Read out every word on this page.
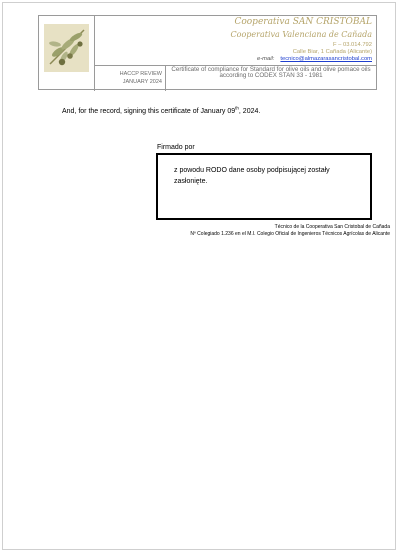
Cooperativa SAN CRISTÓBAL
Cooperativa Valenciana de Cañada
F – 03.014.792
Calle Biar, 1 Cañada (Alicante)
e-mail: tecnico@almazarasancristobal.com
HACCP REVIEW
JANUARY 2024
Certificate of compliance for Standard for olive oils and olive pomace oils according to CODEX STAN 33 - 1981
And, for the record, signing this certificate of January 09th, 2024.
Firmado por
z powodu RODO dane osoby podpisującej zostały zasłonięte.
Técnico de la Cooperativa San Cristobal de Cañada
Nº Colegiado 1.236 en el M.I. Colegio Oficial de Ingenieros Técnicos Agrícolas de Alicante
